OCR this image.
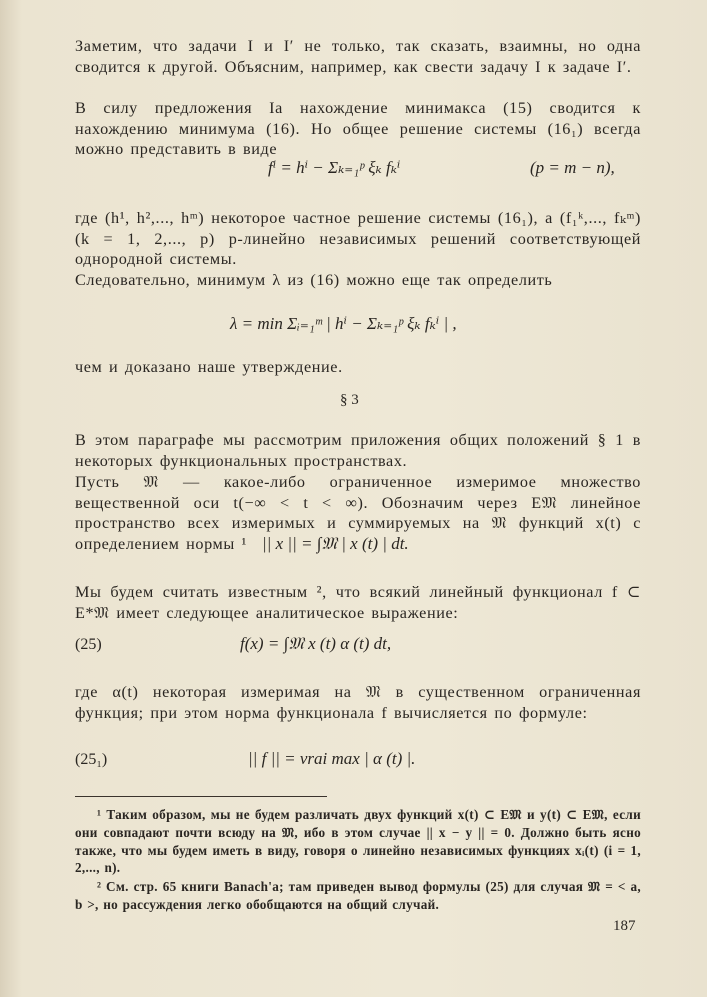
Заметим, что задачи I и I′ не только, так сказать, взаимны, но одна сводится к другой. Объясним, например, как свести задачу I к задаче I′.

В силу предложения Ia нахождение минимакса (15) сводится к нахождению минимума (16). Но общее решение системы (16₁) всегда можно представить в виде

fⁱ = hⁱ − Σₖ₌₁ᵖ ξₖ fₖⁱ	(p = m − n),

где (h¹, h²,..., hᵐ) некоторое частное решение системы (16₁), а (f₁ᵏ,..., fₖᵐ) (k = 1, 2,..., p) p-линейно независимых решений соответствующей однородной системы.

Следовательно, минимум λ из (16) можно еще так определить

λ = min Σᵢ₌₁ᵐ | hⁱ − Σₖ₌₁ᵖ ξₖ fₖⁱ | ,

чем и доказано наше утверждение.

§ 3

В этом параграфе мы рассмотрим приложения общих положений § 1 в некоторых функциональных пространствах.

Пусть 𝔐 — какое-либо ограниченное измеримое множество вещественной оси t(−∞ < t < ∞). Обозначим через E𝔐 линейное пространство всех измеримых и суммируемых на 𝔐 функций x(t) с определением нормы ¹ || x || = ∫𝔐 | x (t) | dt.

Мы будем считать известным ², что всякий линейный функционал f ⊂ E*𝔐 имеет следующее аналитическое выражение:

(25)	f(x) = ∫𝔐 x (t) α (t) dt,

где α(t) некоторая измеримая на 𝔐 в существенном ограниченная функция; при этом норма функционала f вычисляется по формуле:

(25₁)	|| f || = vrai max | α (t) |.

¹ Таким образом, мы не будем различать двух функций x(t) ⊂ E𝔐 и y(t) ⊂ E𝔐, если они совпадают почти всюду на 𝔐, ибо в этом случае || x − y || = 0. Должно быть ясно также, что мы будем иметь в виду, говоря о линейно независимых функциях xᵢ(t) (i = 1, 2,..., n).

² См. стр. 65 книги Banach'a; там приведен вывод формулы (25) для случая 𝔐 = < a, b >, но рассуждения легко обобщаются на общий случай.

187
